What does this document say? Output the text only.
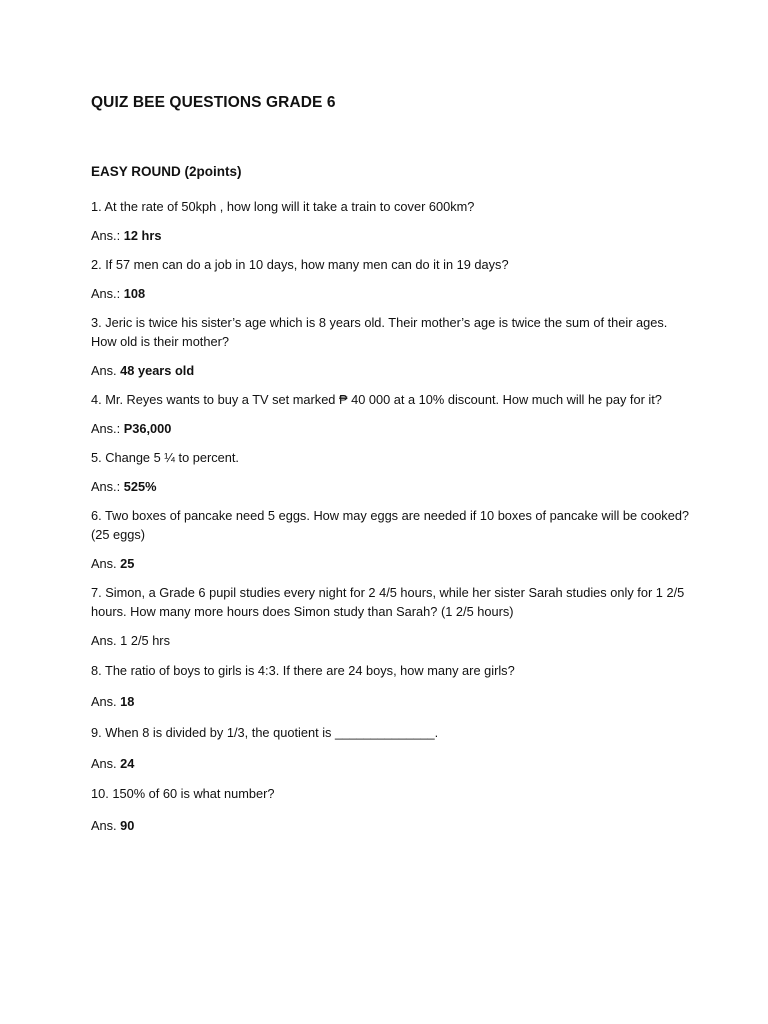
QUIZ BEE QUESTIONS GRADE 6
EASY ROUND (2points)

1. At the rate of 50kph , how long will it take a train to cover 600km?

Ans.: 12 hrs

2. If 57 men can do a job in 10 days, how many men can do it in 19 days?

Ans.: 108

3. Jeric is twice his sister’s age which is 8 years old. Their mother’s age is twice the sum of their ages. How old is their mother?

Ans. 48 years old

4. Mr. Reyes wants to buy a TV set marked ₱ 40 000 at a 10% discount. How much will he pay for it?

Ans.: P36,000

5. Change 5 ¼ to percent.

Ans.: 525%

6. Two boxes of pancake need 5 eggs. How may eggs are needed if 10 boxes of pancake will be cooked? (25 eggs)

Ans. 25

7. Simon, a Grade 6 pupil studies every night for 2 4/5 hours, while her sister Sarah studies only for 1 2/5 hours. How many more hours does Simon study than Sarah? (1 2/5 hours)

Ans. 1 2/5 hrs

8. The ratio of boys to girls is 4:3. If there are 24 boys, how many are girls?

Ans. 18

9. When 8 is divided by 1/3, the quotient is ______________.

Ans. 24

10. 150% of 60 is what number?

Ans. 90
